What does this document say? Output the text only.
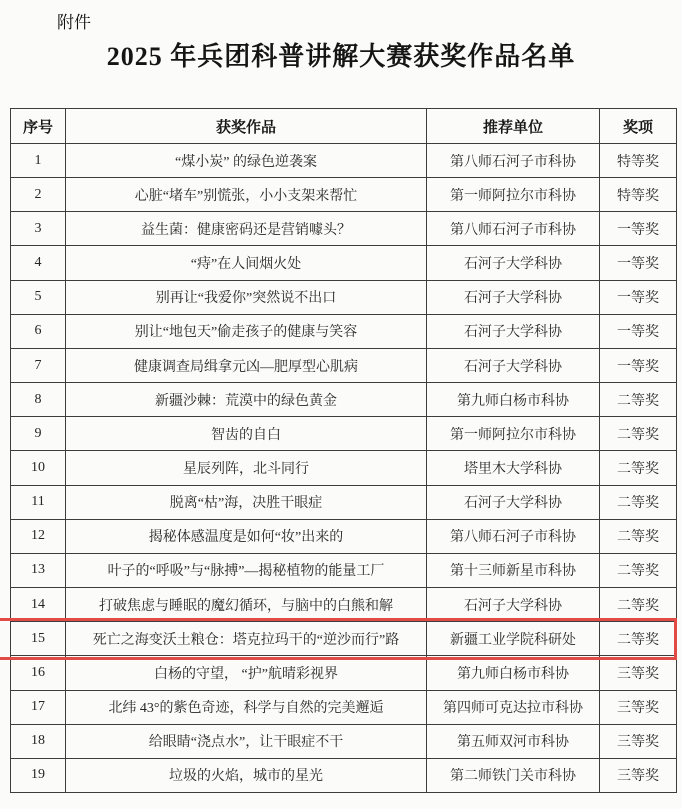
附件
2025 年兵团科普讲解大赛获奖作品名单
序号	获奖作品	推荐单位	奖项
1	“煤小炭” 的绿色逆袭案	第八师石河子市科协	特等奖
2	心脏“堵车”别慌张，小小支架来帮忙	第一师阿拉尔市科协	特等奖
3	益生菌：健康密码还是营销噱头？	第八师石河子市科协	一等奖
4	“痔”在人间烟火处	石河子大学科协	一等奖
5	别再让“我爱你”突然说不出口	石河子大学科协	一等奖
6	别让“地包天”偷走孩子的健康与笑容	石河子大学科协	一等奖
7	健康调查局缉拿元凶—肥厚型心肌病	石河子大学科协	一等奖
8	新疆沙棘：荒漠中的绿色黄金	第九师白杨市科协	二等奖
9	智齿的自白	第一师阿拉尔市科协	二等奖
10	星辰列阵，北斗同行	塔里木大学科协	二等奖
11	脱离“枯”海，决胜干眼症	石河子大学科协	二等奖
12	揭秘体感温度是如何“妆”出来的	第八师石河子市科协	二等奖
13	叶子的“呼吸”与“脉搏”—揭秘植物的能量工厂	第十三师新星市科协	二等奖
14	打破焦虑与睡眠的魔幻循环，与脑中的白熊和解	石河子大学科协	二等奖
15	死亡之海变沃土粮仓：塔克拉玛干的“逆沙而行”路	新疆工业学院科研处	二等奖
16	白杨的守望， “护”航晴彩视界	第九师白杨市科协	三等奖
17	北纬 43°的紫色奇迹，科学与自然的完美邂逅	第四师可克达拉市科协	三等奖
18	给眼睛“浇点水”，让干眼症不干	第五师双河市科协	三等奖
19	垃圾的火焰，城市的星光	第二师铁门关市科协	三等奖
